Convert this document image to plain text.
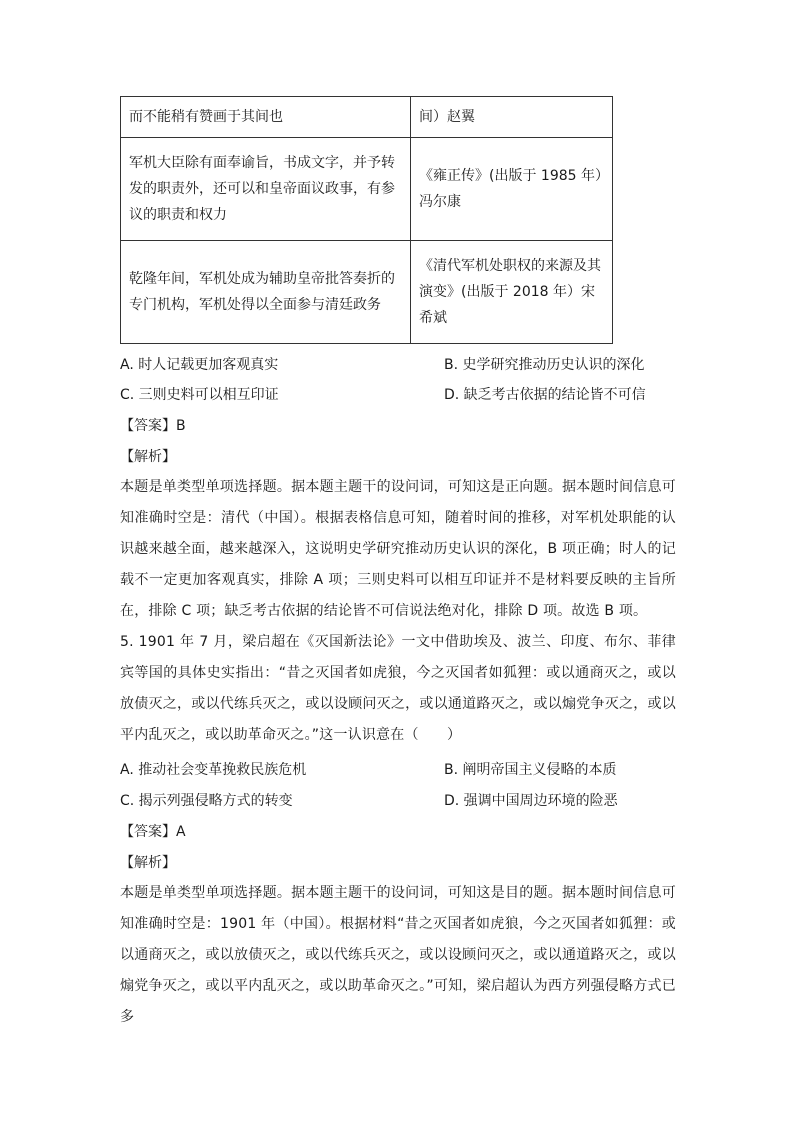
而不能稍有赞画于其间也	间）赵翼
军机大臣除有面奉谕旨，书成文字，并予转发的职责外，还可以和皇帝面议政事，有参议的职责和权力	《雍正传》(出版于 1985 年）冯尔康
乾隆年间，军机处成为辅助皇帝批答奏折的专门机构，军机处得以全面参与清廷政务	《清代军机处职权的来源及其演变》(出版于 2018 年）宋希斌
A. 时人记载更加客观真实	B. 史学研究推动历史认识的深化
C. 三则史料可以相互印证	D. 缺乏考古依据的结论皆不可信
【答案】B
【解析】
本题是单类型单项选择题。据本题主题干的设问词，可知这是正向题。据本题时间信息可知准确时空是：清代（中国）。根据表格信息可知，随着时间的推移，对军机处职能的认识越来越全面，越来越深入，这说明史学研究推动历史认识的深化，B 项正确；时人的记载不一定更加客观真实，排除 A 项；三则史料可以相互印证并不是材料要反映的主旨所在，排除 C 项；缺乏考古依据的结论皆不可信说法绝对化，排除 D 项。故选 B 项。
5. 1901 年 7 月，梁启超在《灭国新法论》一文中借助埃及、波兰、印度、布尔、菲律宾等国的具体史实指出：“昔之灭国者如虎狼，今之灭国者如狐狸：或以通商灭之，或以放债灭之，或以代练兵灭之，或以设顾问灭之，或以通道路灭之，或以煽党争灭之，或以平内乱灭之，或以助革命灭之。”这一认识意在（　　）
A. 推动社会变革挽救民族危机	B. 阐明帝国主义侵略的本质
C. 揭示列强侵略方式的转变	D. 强调中国周边环境的险恶
【答案】A
【解析】
本题是单类型单项选择题。据本题主题干的设问词，可知这是目的题。据本题时间信息可知准确时空是：1901 年（中国）。根据材料“昔之灭国者如虎狼，今之灭国者如狐狸：或以通商灭之，或以放债灭之，或以代练兵灭之，或以设顾问灭之，或以通道路灭之，或以煽党争灭之，或以平内乱灭之，或以助革命灭之。”可知，梁启超认为西方列强侵略方式已多
